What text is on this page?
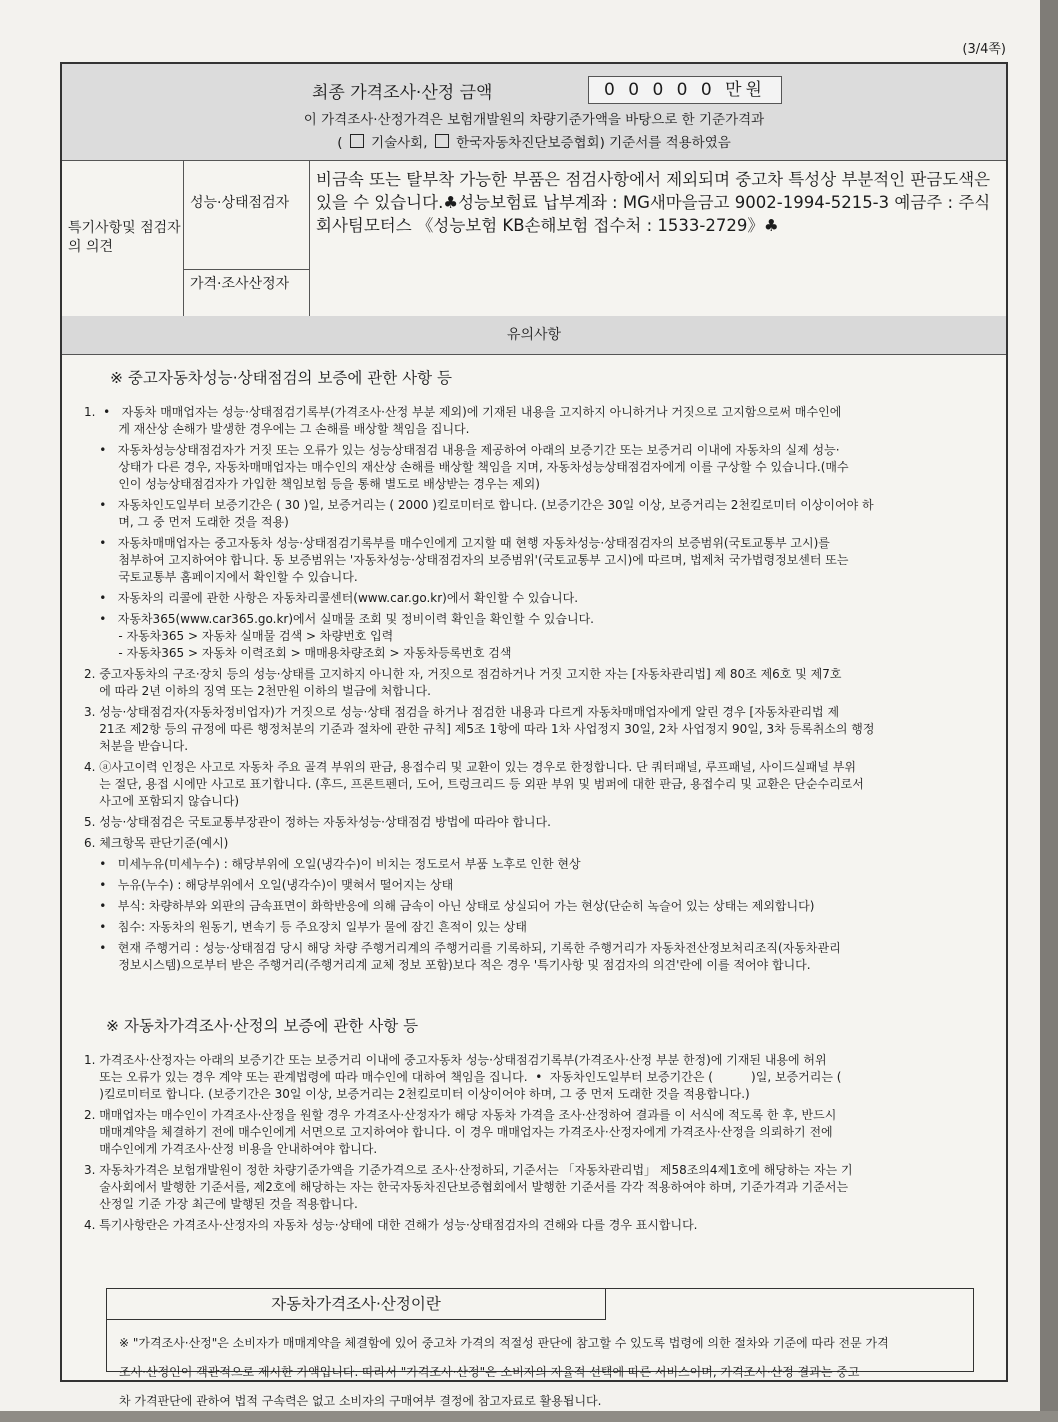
(3/4쪽)
최종 가격조사·산정 금액	0 0 0 0 0 만원
이 가격조사·산정가격은 보험개발원의 차량기준가액을 바탕으로 한 기준가격과
( 기술사회, 한국자동차진단보증협회) 기준서를 적용하였음
특기사항및 점검자의 의견
성능·상태점검자
가격·조사산정자
비금속 또는 탈부착 가능한 부품은 점검사항에서 제외되며 중고차 특성상 부분적인 판금도색은 있을 수 있습니다.♣성능보험료 납부계좌 : MG새마을금고 9002-1994-5215-3 예금주 : 주식회사팀모터스 《성능보험 KB손해보험 접수처 : 1533-2729》♣
유의사항
※ 중고자동차성능·상태점검의 보증에 관한 사항 등

1.  •   자동차 매매업자는 성능·상태점검기록부(가격조사·산정 부분 제외)에 기재된 내용을 고지하지 아니하거나 거짓으로 고지함으로써 매수인에

게 재산상 손해가 발생한 경우에는 그 손해를 배상할 책임을 집니다.

•   자동차성능상태점검자가 거짓 또는 오류가 있는 성능상태점검 내용을 제공하여 아래의 보증기간 또는 보증거리 이내에 자동차의 실제 성능·

상태가 다른 경우, 자동차매매업자는 매수인의 재산상 손해를 배상할 책임을 지며, 자동차성능상태점검자에게 이를 구상할 수 있습니다.(매수

인이 성능상태점검자가 가입한 책임보험 등을 통해 별도로 배상받는 경우는 제외)

•   자동차인도일부터 보증기간은 ( 30 )일, 보증거리는 ( 2000 )킬로미터로 합니다. (보증기간은 30일 이상, 보증거리는 2천킬로미터 이상이어야 하

며, 그 중 먼저 도래한 것을 적용)

•   자동차매매업자는 중고자동차 성능·상태점검기록부를 매수인에게 고지할 때 현행 자동차성능·상태점검자의 보증범위(국토교통부 고시)를

첨부하여 고지하여야 합니다. 동 보증범위는 '자동차성능·상태점검자의 보증범위'(국토교통부 고시)에 따르며, 법제처 국가법령정보센터 또는

국토교통부 홈페이지에서 확인할 수 있습니다.

•   자동차의 리콜에 관한 사항은 자동차리콜센터(www.car.go.kr)에서 확인할 수 있습니다.

•   자동차365(www.car365.go.kr)에서 실매물 조회 및 정비이력 확인을 확인할 수 있습니다.

- 자동차365 > 자동차 실매물 검색 > 차량번호 입력

- 자동차365 > 자동차 이력조회 > 매매용차량조회 > 자동차등록번호 검색

2. 중고자동차의 구조·장치 등의 성능·상태를 고지하지 아니한 자, 거짓으로 점검하거나 거짓 고지한 자는 [자동차관리법] 제 80조 제6호 및 제7호

에 따라 2년 이하의 징역 또는 2천만원 이하의 벌금에 처합니다.

3. 성능·상태점검자(자동차정비업자)가 거짓으로 성능·상태 점검을 하거나 점검한 내용과 다르게 자동차매매업자에게 알린 경우 [자동차관리법 제

21조 제2항 등의 규정에 따른 행정처분의 기준과 절차에 관한 규칙] 제5조 1항에 따라 1차 사업정지 30일, 2차 사업정지 90일, 3차 등록취소의 행정

처분을 받습니다.

4. ⓐ사고이력 인정은 사고로 자동차 주요 골격 부위의 판금, 용접수리 및 교환이 있는 경우로 한정합니다. 단 쿼터패널, 루프패널, 사이드실패널 부위

는 절단, 용접 시에만 사고로 표기합니다. (후드, 프론트펜더, 도어, 트렁크리드 등 외판 부위 및 범퍼에 대한 판금, 용접수리 및 교환은 단순수리로서

사고에 포함되지 않습니다)

5. 성능·상태점검은 국토교통부장관이 정하는 자동차성능·상태점검 방법에 따라야 합니다.

6. 체크항목 판단기준(예시)

•   미세누유(미세누수) : 해당부위에 오일(냉각수)이 비치는 정도로서 부품 노후로 인한 현상

•   누유(누수) : 해당부위에서 오일(냉각수)이 맺혀서 떨어지는 상태

•   부식: 차량하부와 외판의 금속표면이 화학반응에 의해 금속이 아닌 상태로 상실되어 가는 현상(단순히 녹슬어 있는 상태는 제외합니다)

•   침수: 자동차의 원동기, 변속기 등 주요장치 일부가 물에 잠긴 흔적이 있는 상태

•   현재 주행거리 : 성능·상태점검 당시 해당 차량 주행거리계의 주행거리를 기록하되, 기록한 주행거리가 자동차전산정보처리조직(자동차관리

정보시스템)으로부터 받은 주행거리(주행거리계 교체 정보 포함)보다 적은 경우 '특기사항 및 점검자의 의견'란에 이를 적어야 합니다.

※ 자동차가격조사·산정의 보증에 관한 사항 등

1. 가격조사·산정자는 아래의 보증기간 또는 보증거리 이내에 중고자동차 성능·상태점검기록부(가격조사·산정 부분 한정)에 기재된 내용에 허위

또는 오류가 있는 경우 계약 또는 관계법령에 따라 매수인에 대하여 책임을 집니다.  •  자동차인도일부터 보증기간은 (          )일, 보증거리는 (

)킬로미터로 합니다. (보증기간은 30일 이상, 보증거리는 2천킬로미터 이상이어야 하며, 그 중 먼저 도래한 것을 적용합니다.)

2. 매매업자는 매수인이 가격조사·산정을 원할 경우 가격조사·산정자가 해당 자동차 가격을 조사·산정하여 결과를 이 서식에 적도록 한 후, 반드시

매매계약을 체결하기 전에 매수인에게 서면으로 고지하여야 합니다. 이 경우 매매업자는 가격조사·산정자에게 가격조사·산정을 의뢰하기 전에

매수인에게 가격조사·산정 비용을 안내하여야 합니다.

3. 자동차가격은 보험개발원이 정한 차량기준가액을 기준가격으로 조사·산정하되, 기준서는 「자동차관리법」 제58조의4제1호에 해당하는 자는 기

술사회에서 발행한 기준서를, 제2호에 해당하는 자는 한국자동차진단보증협회에서 발행한 기준서를 각각 적용하여야 하며, 기준가격과 기준서는

산정일 기준 가장 최근에 발행된 것을 적용합니다.

4. 특기사항란은 가격조사·산정자의 자동차 성능·상태에 대한 견해가 성능·상태점검자의 견해와 다를 경우 표시합니다.

자동차가격조사·산정이란

※ "가격조사·산정"은 소비자가 매매계약을 체결함에 있어 중고차 가격의 적절성 판단에 참고할 수 있도록 법령에 의한 절차와 기준에 따라 전문 가격

조사·산정인이 객관적으로 제시한 가액입니다. 따라서 "가격조사·산정"은 소비자의 자율적 선택에 따른 서비스이며, 가격조사·산정 결과는 중고

차 가격판단에 관하여 법적 구속력은 없고 소비자의 구매여부 결정에 참고자료로 활용됩니다.
